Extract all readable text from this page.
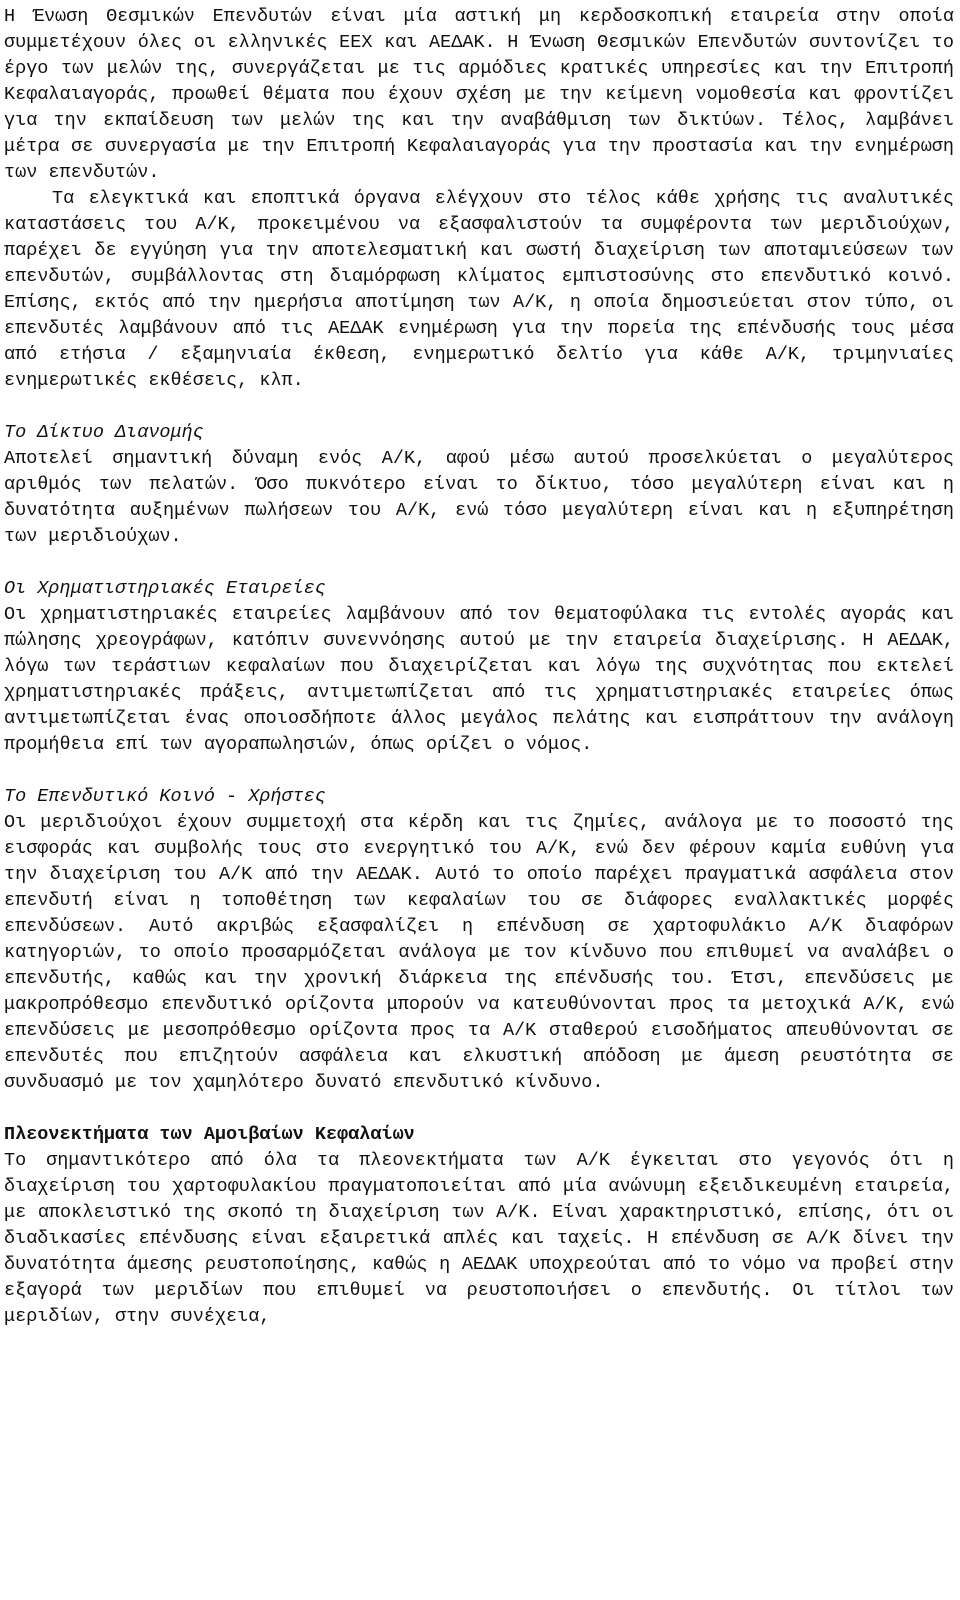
Η Ένωση Θεσμικών Επενδυτών είναι μία αστική μη κερδοσκοπική εταιρεία στην οποία συμμετέχουν όλες οι ελληνικές ΕΕΧ και ΑΕΔΑΚ. Η Ένωση Θεσμικών Επενδυτών συντονίζει το έργο των μελών της, συνεργάζεται με τις αρμόδιες κρατικές υπηρεσίες και την Επιτροπή Κεφαλαιαγοράς, προωθεί θέματα που έχουν σχέση με την κείμενη νομοθεσία και φροντίζει για την εκπαίδευση των μελών της και την αναβάθμιση των δικτύων. Τέλος, λαμβάνει μέτρα σε συνεργασία με την Επιτροπή Κεφαλαιαγοράς για την προστασία και την ενημέρωση των επενδυτών.

Τα ελεγκτικά και εποπτικά όργανα ελέγχουν στο τέλος κάθε χρήσης τις αναλυτικές καταστάσεις του Α/Κ, προκειμένου να εξασφαλιστούν τα συμφέροντα των μεριδιούχων, παρέχει δε εγγύηση για την αποτελεσματική και σωστή διαχείριση των αποταμιεύσεων των επενδυτών, συμβάλλοντας στη διαμόρφωση κλίματος εμπιστοσύνης στο επενδυτικό κοινό. Επίσης, εκτός από την ημερήσια αποτίμηση των Α/Κ, η οποία δημοσιεύεται στον τύπο, οι επενδυτές λαμβάνουν από τις ΑΕΔΑΚ ενημέρωση για την πορεία της επένδυσής τους μέσα από ετήσια / εξαμηνιαία έκθεση, ενημερωτικό δελτίο για κάθε Α/Κ, τριμηνιαίες ενημερωτικές εκθέσεις, κλπ.

Το Δίκτυο Διανομής

Αποτελεί σημαντική δύναμη ενός Α/Κ, αφού μέσω αυτού προσελκύεται ο μεγαλύτερος αριθμός των πελατών. Όσο πυκνότερο είναι το δίκτυο, τόσο μεγαλύτερη είναι και η δυνατότητα αυξημένων πωλήσεων του Α/Κ, ενώ τόσο μεγαλύτερη είναι και η εξυπηρέτηση των μεριδιούχων.

Οι Χρηματιστηριακές Εταιρείες

Οι χρηματιστηριακές εταιρείες λαμβάνουν από τον θεματοφύλακα τις εντολές αγοράς και πώλησης χρεογράφων, κατόπιν συνεννόησης αυτού με την εταιρεία διαχείρισης. Η ΑΕΔΑΚ, λόγω των τεράστιων κεφαλαίων που διαχειρίζεται και λόγω της συχνότητας που εκτελεί χρηματιστηριακές πράξεις, αντιμετωπίζεται από τις χρηματιστηριακές εταιρείες όπως αντιμετωπίζεται ένας οποιοσδήποτε άλλος μεγάλος πελάτης και εισπράττουν την ανάλογη προμήθεια επί των αγοραπωλησιών, όπως ορίζει ο νόμος.

Το Επενδυτικό Κοινό - Χρήστες

Οι μεριδιούχοι έχουν συμμετοχή στα κέρδη και τις ζημίες, ανάλογα με το ποσοστό της εισφοράς και συμβολής τους στο ενεργητικό του Α/Κ, ενώ δεν φέρουν καμία ευθύνη για την διαχείριση του Α/Κ από την ΑΕΔΑΚ. Αυτό το οποίο παρέχει πραγματικά ασφάλεια στον επενδυτή είναι η τοποθέτηση των κεφαλαίων του σε διάφορες εναλλακτικές μορφές επενδύσεων. Αυτό ακριβώς εξασφαλίζει η επένδυση σε χαρτοφυλάκιο Α/Κ διαφόρων κατηγοριών, το οποίο προσαρμόζεται ανάλογα με τον κίνδυνο που επιθυμεί να αναλάβει ο επενδυτής, καθώς και την χρονική διάρκεια της επένδυσής του. Έτσι, επενδύσεις με μακροπρόθεσμο επενδυτικό ορίζοντα μπορούν να κατευθύνονται προς τα μετοχικά Α/Κ, ενώ επενδύσεις με μεσοπρόθεσμο ορίζοντα προς τα Α/Κ σταθερού εισοδήματος απευθύνονται σε επενδυτές που επιζητούν ασφάλεια και ελκυστική απόδοση με άμεση ρευστότητα σε συνδυασμό με τον χαμηλότερο δυνατό επενδυτικό κίνδυνο.

Πλεονεκτήματα των Αμοιβαίων Κεφαλαίων

Το σημαντικότερο από όλα τα πλεονεκτήματα των Α/Κ έγκειται στο γεγονός ότι η διαχείριση του χαρτοφυλακίου πραγματοποιείται από μία ανώνυμη εξειδικευμένη εταιρεία, με αποκλειστικό της σκοπό τη διαχείριση των Α/Κ. Είναι χαρακτηριστικό, επίσης, ότι οι διαδικασίες επένδυσης είναι εξαιρετικά απλές και ταχείς. Η επένδυση σε Α/Κ δίνει την δυνατότητα άμεσης ρευστοποίησης, καθώς η ΑΕΔΑΚ υποχρεούται από το νόμο να προβεί στην εξαγορά των μεριδίων που επιθυμεί να ρευστοποιήσει ο επενδυτής. Οι τίτλοι των μεριδίων, στην συνέχεια,
